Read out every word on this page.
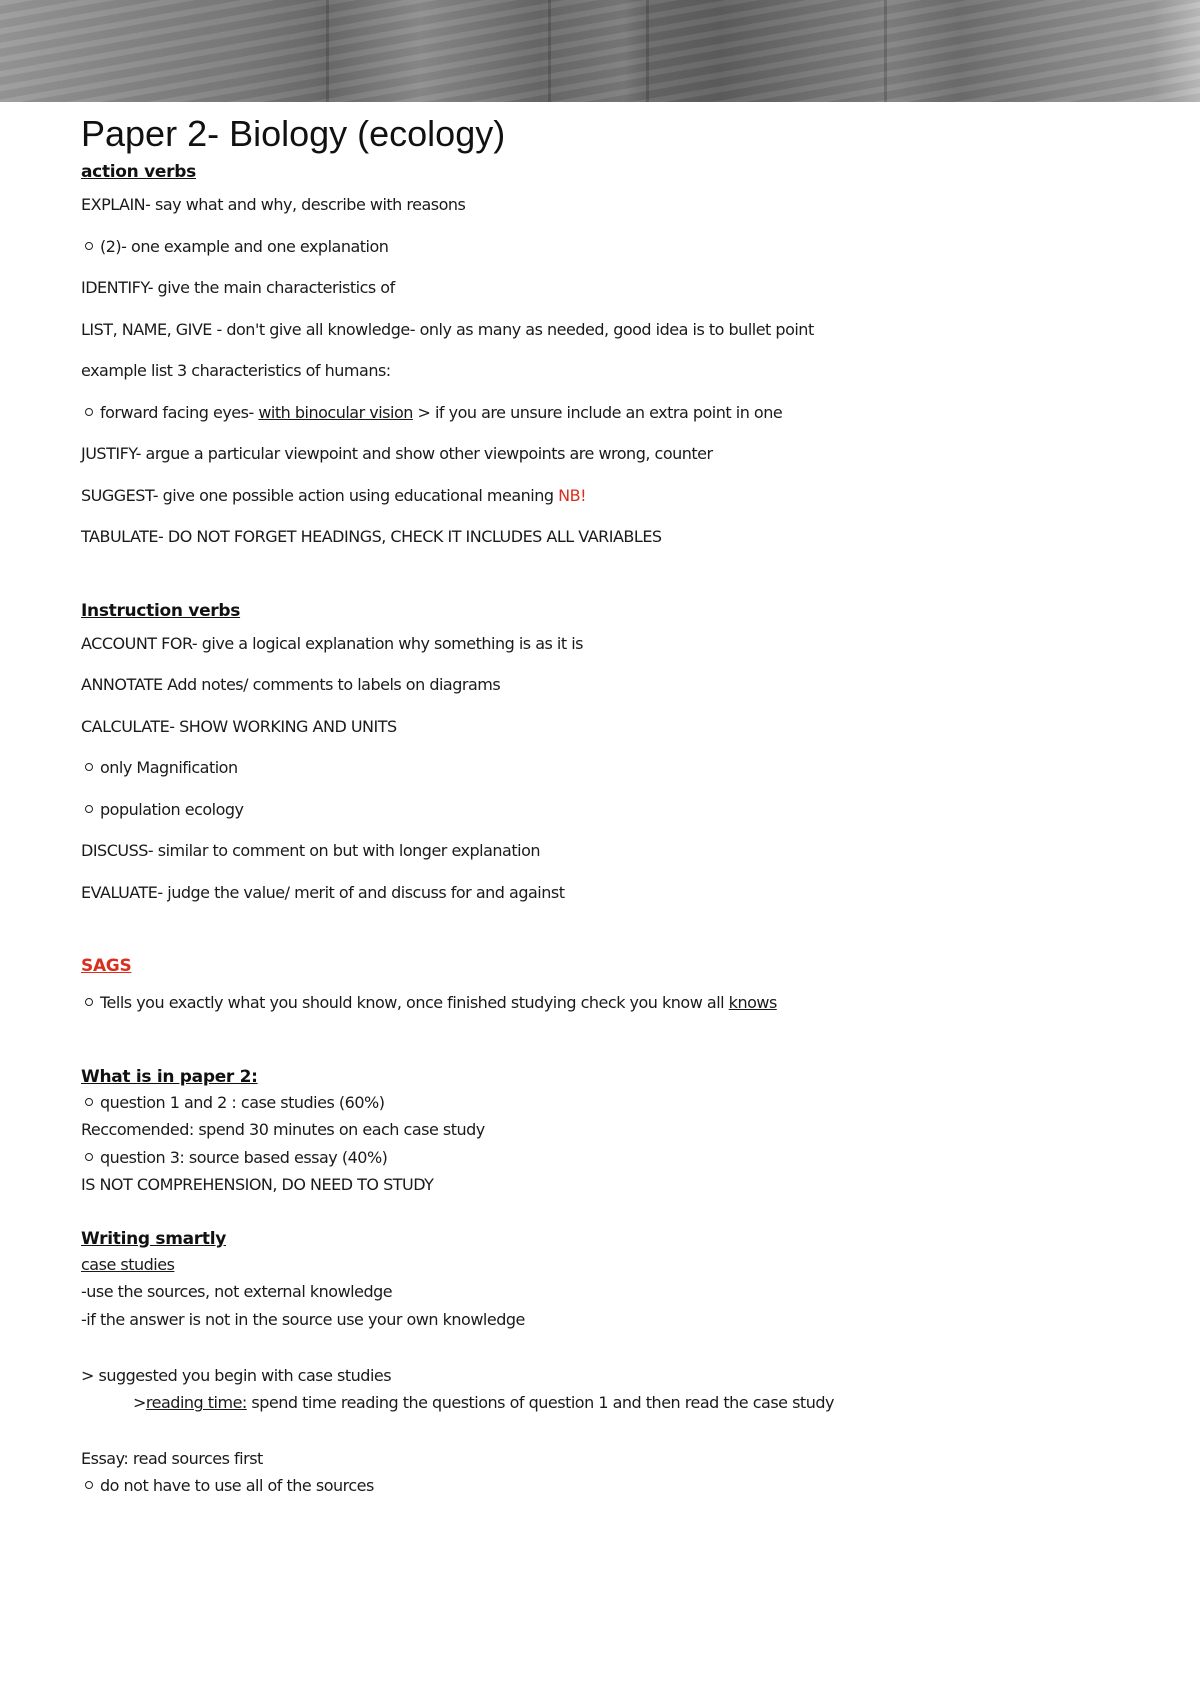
Paper 2- Biology (ecology)
action verbs
EXPLAIN- say what and why, describe with reasons
(2)- one example and one explanation
IDENTIFY- give the main characteristics of
LIST, NAME, GIVE - don't give all knowledge- only as many as needed, good idea is to bullet point
example list 3 characteristics of humans:
forward facing eyes- with binocular vision > if you are unsure include an extra point in one
JUSTIFY- argue a particular viewpoint and show other viewpoints are wrong, counter
SUGGEST- give one possible action using educational meaning NB!
TABULATE- DO NOT FORGET HEADINGS, CHECK IT INCLUDES ALL VARIABLES
Instruction verbs
ACCOUNT FOR- give a logical explanation why something is as it is
ANNOTATE Add notes/ comments to labels on diagrams
CALCULATE- SHOW WORKING AND UNITS
only Magnification
population ecology
DISCUSS- similar to comment on but with longer explanation
EVALUATE- judge the value/ merit of and discuss for and against
SAGS
Tells you exactly what you should know, once finished studying check you know all knows
What is in paper 2:
question 1 and 2 : case studies (60%)
Reccomended: spend 30 minutes on each case study
question 3: source based essay (40%)
IS NOT COMPREHENSION, DO NEED TO STUDY
Writing smartly
case studies
-use the sources, not external knowledge
-if the answer is not in the source use your own knowledge
> suggested you begin with case studies
>reading time: spend time reading the questions of question 1 and then read the case study
Essay: read sources first
do not have to use all of the sources
